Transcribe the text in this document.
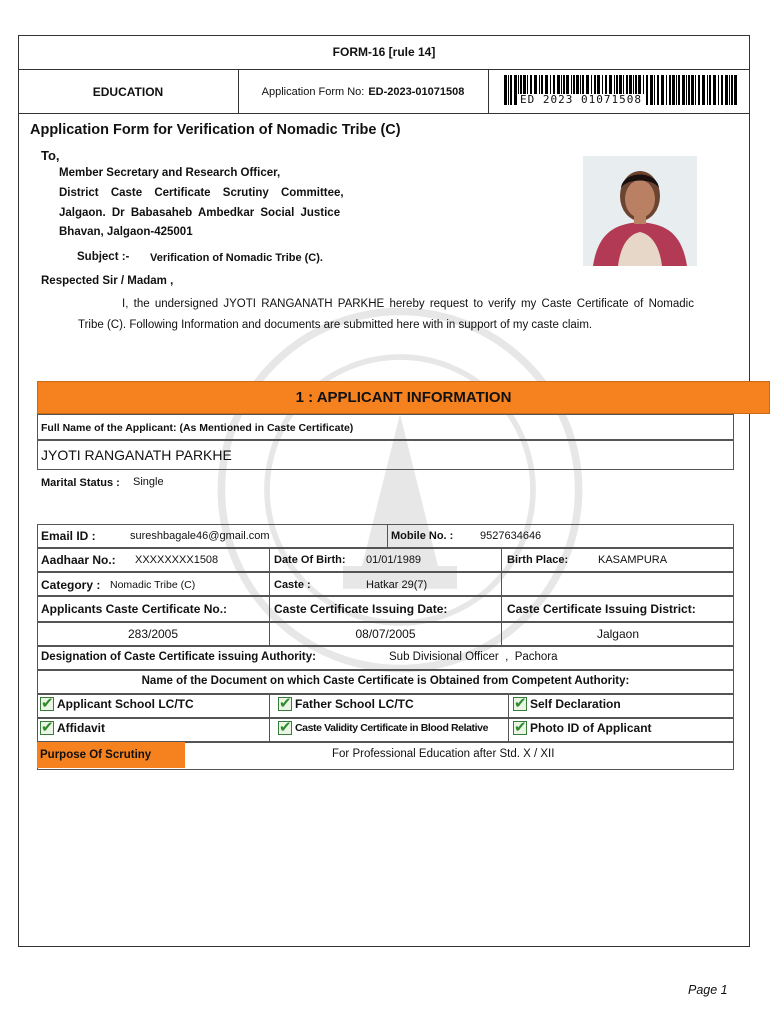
FORM-16 [rule 14]
EDUCATION	Application Form No: ED-2023-01071508
ED 2023 01071508
Application Form for Verification of Nomadic Tribe (C)
To,
Member Secretary and Research Officer,
District Caste Certificate Scrutiny Committee,
Jalgaon. Dr Babasaheb Ambedkar Social Justice
Bhavan, Jalgaon-425001
Subject :- Verification of Nomadic Tribe (C).
Respected Sir / Madam ,
I, the undersigned JYOTI RANGANATH PARKHE hereby request to verify my Caste Certificate of Nomadic Tribe (C). Following Information and documents are submitted here with in support of my caste claim.
1 : APPLICANT INFORMATION
Full Name of the Applicant: (As Mentioned in Caste Certificate)
JYOTI RANGANATH PARKHE
Marital Status : Single
Email ID :	sureshbagale46@gmail.com	Mobile No. : 9527634646
Aadhaar No.: XXXXXXXX1508	Date Of Birth: 01/01/1989	Birth Place:	KASAMPURA
Category : Nomadic Tribe (C)	Caste :	Hatkar 29(7)
Applicants Caste Certificate No.:	Caste Certificate Issuing Date:	Caste Certificate Issuing District:
283/2005	08/07/2005	Jalgaon
Designation of Caste Certificate issuing Authority:	Sub Divisional Officer  ,  Pachora
Name of the Document on which Caste Certificate is Obtained from Competent Authority:
✔
Applicant School LC/TC ✔	Father School LC/TC ✔	Self Declaration
✔
Affidavit ✔	Caste Validity Certificate in Blood Relative ✔	Photo ID of Applicant
Purpose Of Scrutiny	For Professional Education after Std. X / XII
Page 1
